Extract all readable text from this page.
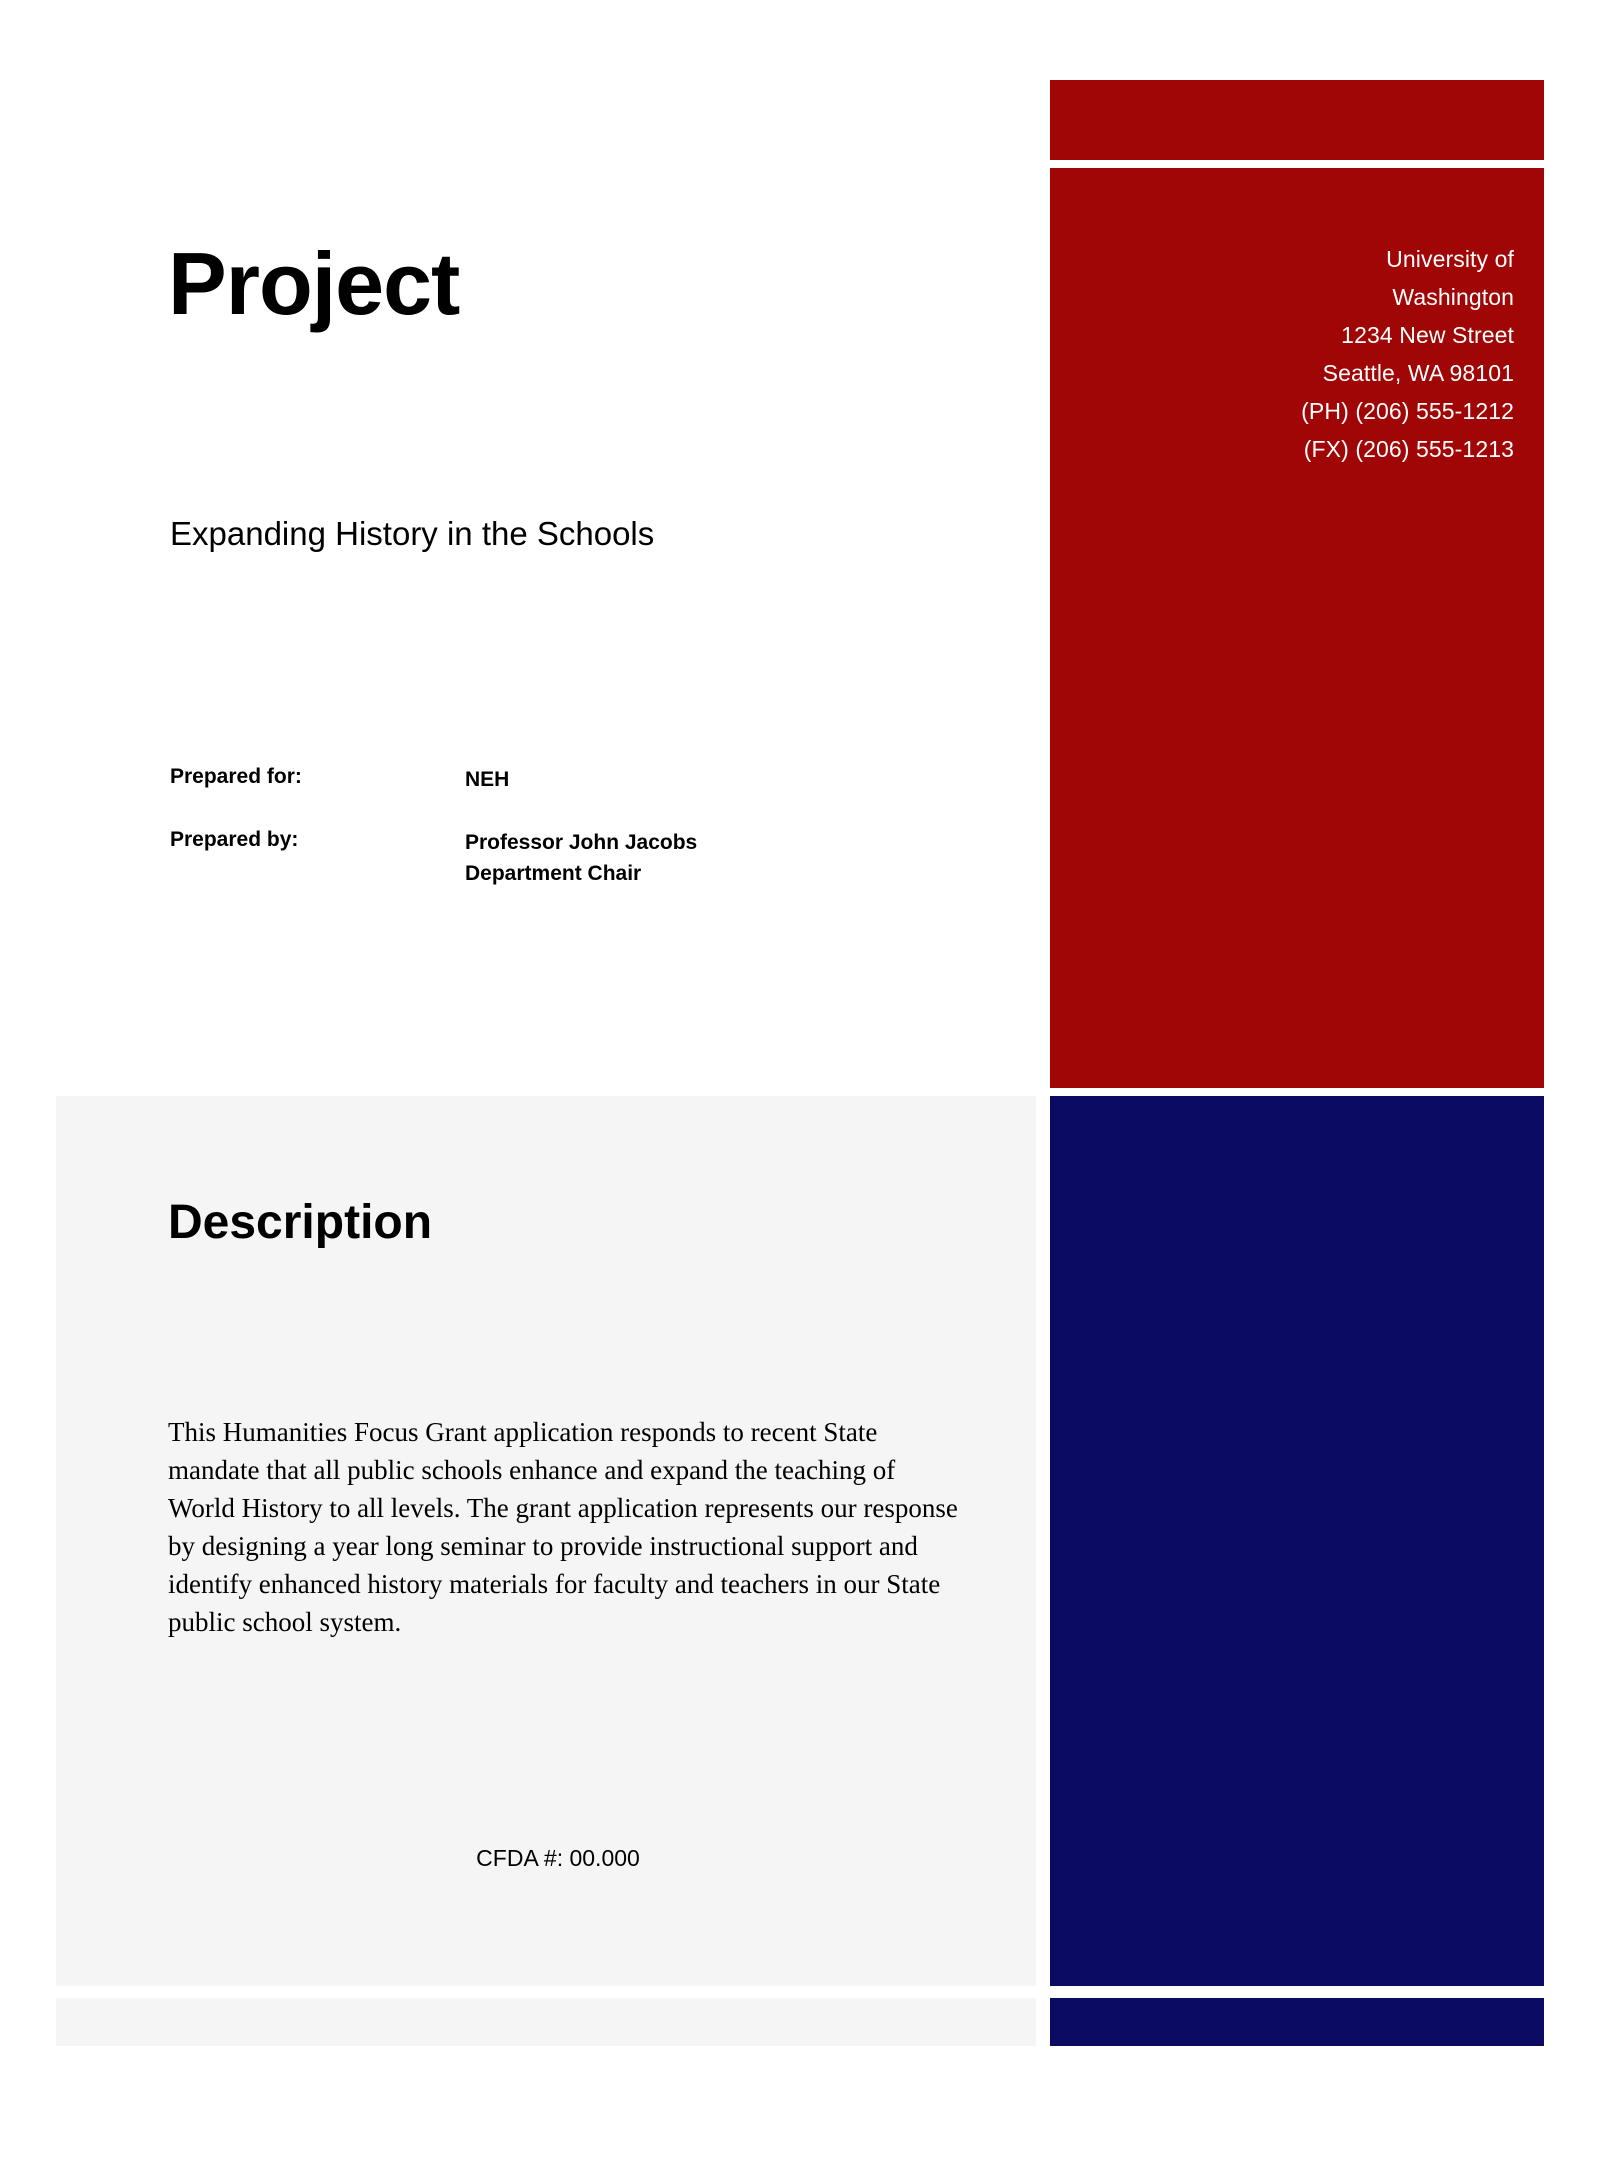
University of
Washington
1234 New Street
Seattle, WA 98101
(PH) (206) 555-1212
(FX) (206) 555-1213
Project
Expanding History in the Schools
Prepared for:	NEH
Prepared by:	Professor John Jacobs
Department Chair
Description
This Humanities Focus Grant application responds to recent State mandate that all public schools enhance and expand the teaching of World History to all levels. The grant application represents our response by designing a year long seminar to provide instructional support and identify enhanced history materials for faculty and teachers in our State public school system.
CFDA #: 00.000
